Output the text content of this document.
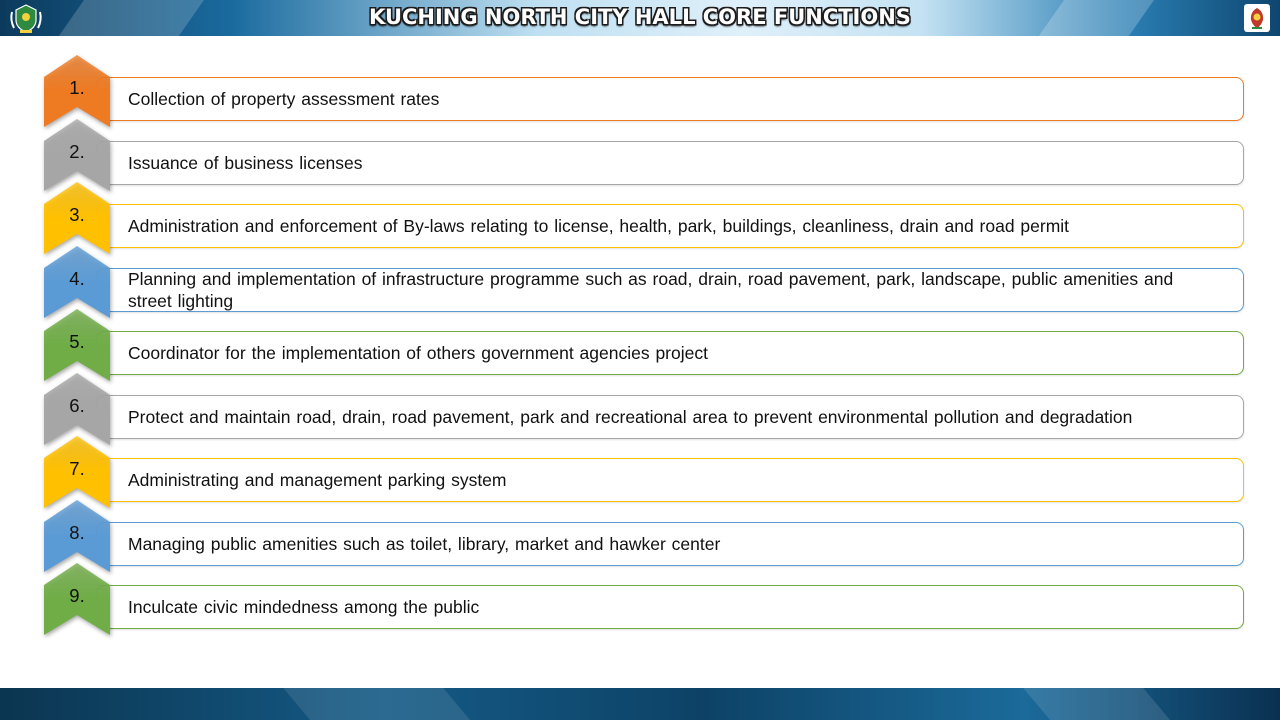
KUCHING NORTH CITY HALL CORE FUNCTIONS
1.
Collection of property assessment rates
2.
Issuance of business licenses
3.
Administration and enforcement of By-laws relating to license, health, park, buildings, cleanliness, drain and road permit
4.	Planning and implementation of infrastructure programme such as road, drain, road pavement, park, landscape, public amenities and street lighting
5.
Coordinator for the implementation of others government agencies project
6.
Protect and maintain road, drain, road pavement, park and recreational area to prevent environmental pollution and degradation
7.
Administrating and management parking system
8.
Managing public amenities such as toilet, library, market and hawker center
9.
Inculcate civic mindedness among the public
